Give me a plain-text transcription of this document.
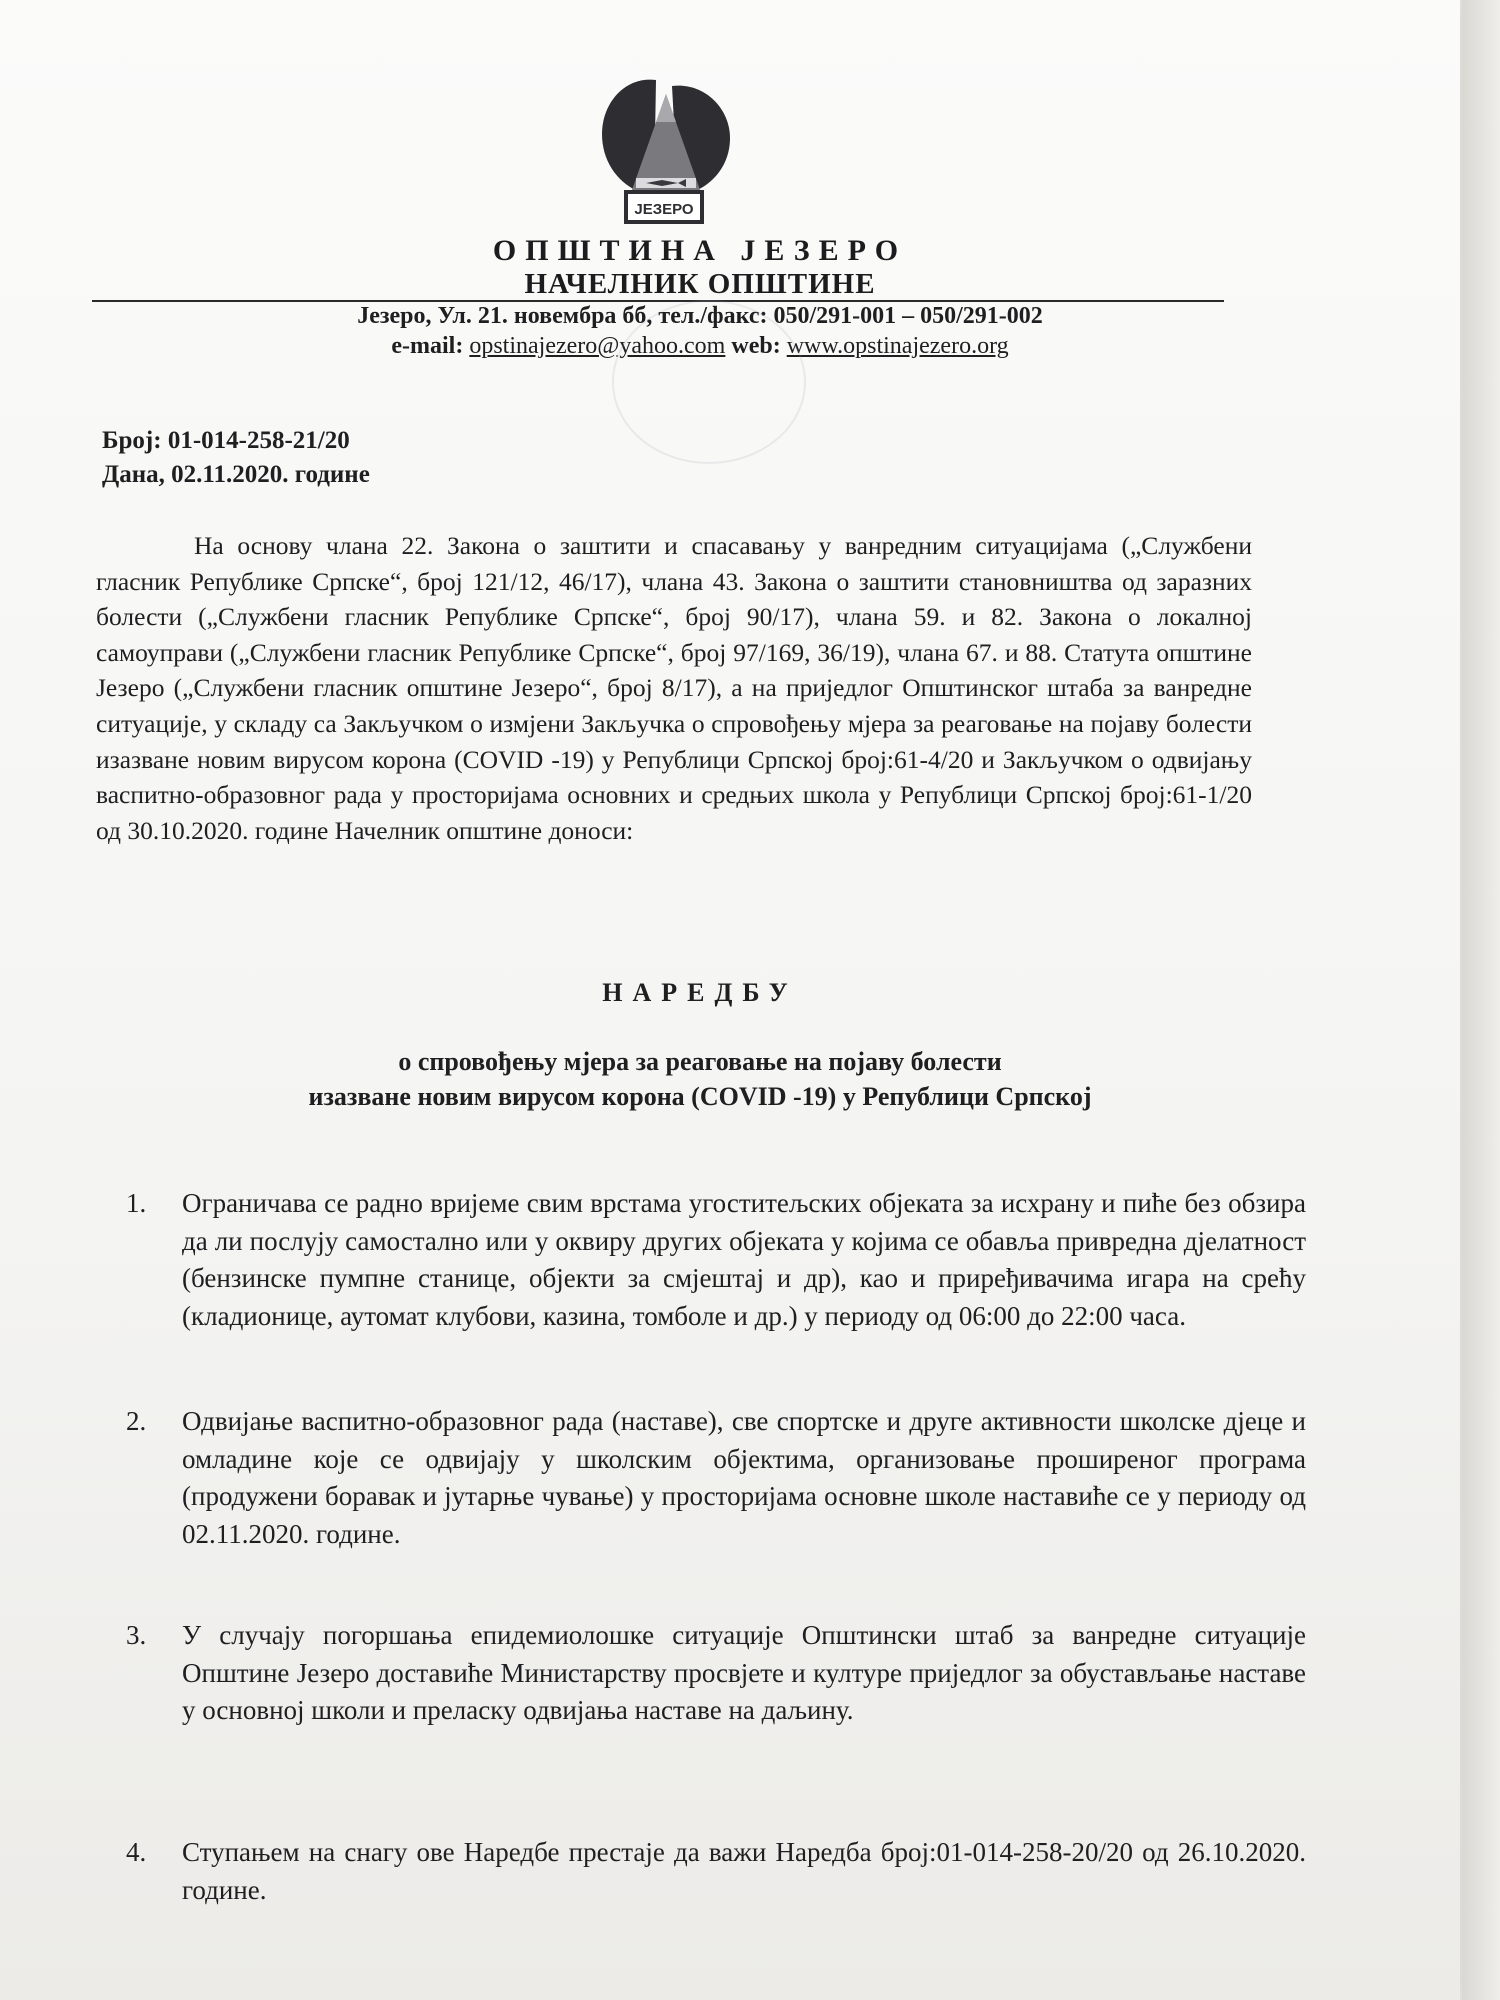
ЈЕЗЕРО
ОПШТИНА ЈЕЗЕРО
НАЧЕЛНИК ОПШТИНЕ
Језеро, Ул. 21. новембра бб, тел./факс: 050/291-001 – 050/291-002
e-mail: opstinajezero@yahoo.com web: www.opstinajezero.org
Број: 01-014-258-21/20
Дана, 02.11.2020. године

На основу члана 22. Закона о заштити и спасавању у ванредним ситуацијама („Службени гласник Републике Српске“, број 121/12, 46/17), члана 43. Закона о заштити становништва од заразних болести („Службени гласник Републике Српске“, број 90/17), члана 59. и 82. Закона о локалној самоуправи („Службени гласник Републике Српске“, број 97/169, 36/19), члана 67. и 88. Статута општине Језеро („Службени гласник општине Језеро“, број 8/17), а на приједлог Општинског штаба за ванредне ситуације, у складу са Закључком о измјени Закључка о спровођењу мјера за реаговање на појаву болести изазване новим вирусом корона (COVID -19) у Републици Српској број:61-4/20 и Закључком о одвијању васпитно-образовног рада у просторијама основних и средњих школа у Републици Српској број:61-1/20 од 30.10.2020. године Начелник општине доноси:

НАРЕДБУ
о спровођењу мјера за реаговање на појаву болести
изазване новим вирусом корона (COVID -19) у Републици Српској
1.	Ограничава се радно вријеме свим врстама угоститељских објеката за исхрану и пиће без обзира да ли послују самостално или у оквиру других објеката у којима се обавља привредна дјелатност (бензинске пумпне станице, објекти за смјештај и др), као и приређивачима игара на срећу (кладионице, аутомат клубови, казина, томболе и др.) у периоду од 06:00 до 22:00 часа.
2.	Одвијање васпитно-образовног рада (наставе), све спортске и друге активности школске дјеце и омладине које се одвијају у школским објектима, организовање проширеног програма (продужени боравак и јутарње чување) у просторијама основне школе наставиће се у периоду од 02.11.2020. године.
3.	У случају погоршања епидемиолошке ситуације Општински штаб за ванредне ситуације Општине Језеро доставиће Министарству просвјете и културе приједлог за обустављање наставе у основној школи и преласку одвијања наставе на даљину.
4.	Ступањем на снагу ове Наредбе престаје да важи Наредба број:01-014-258-20/20 од 26.10.2020. године.
